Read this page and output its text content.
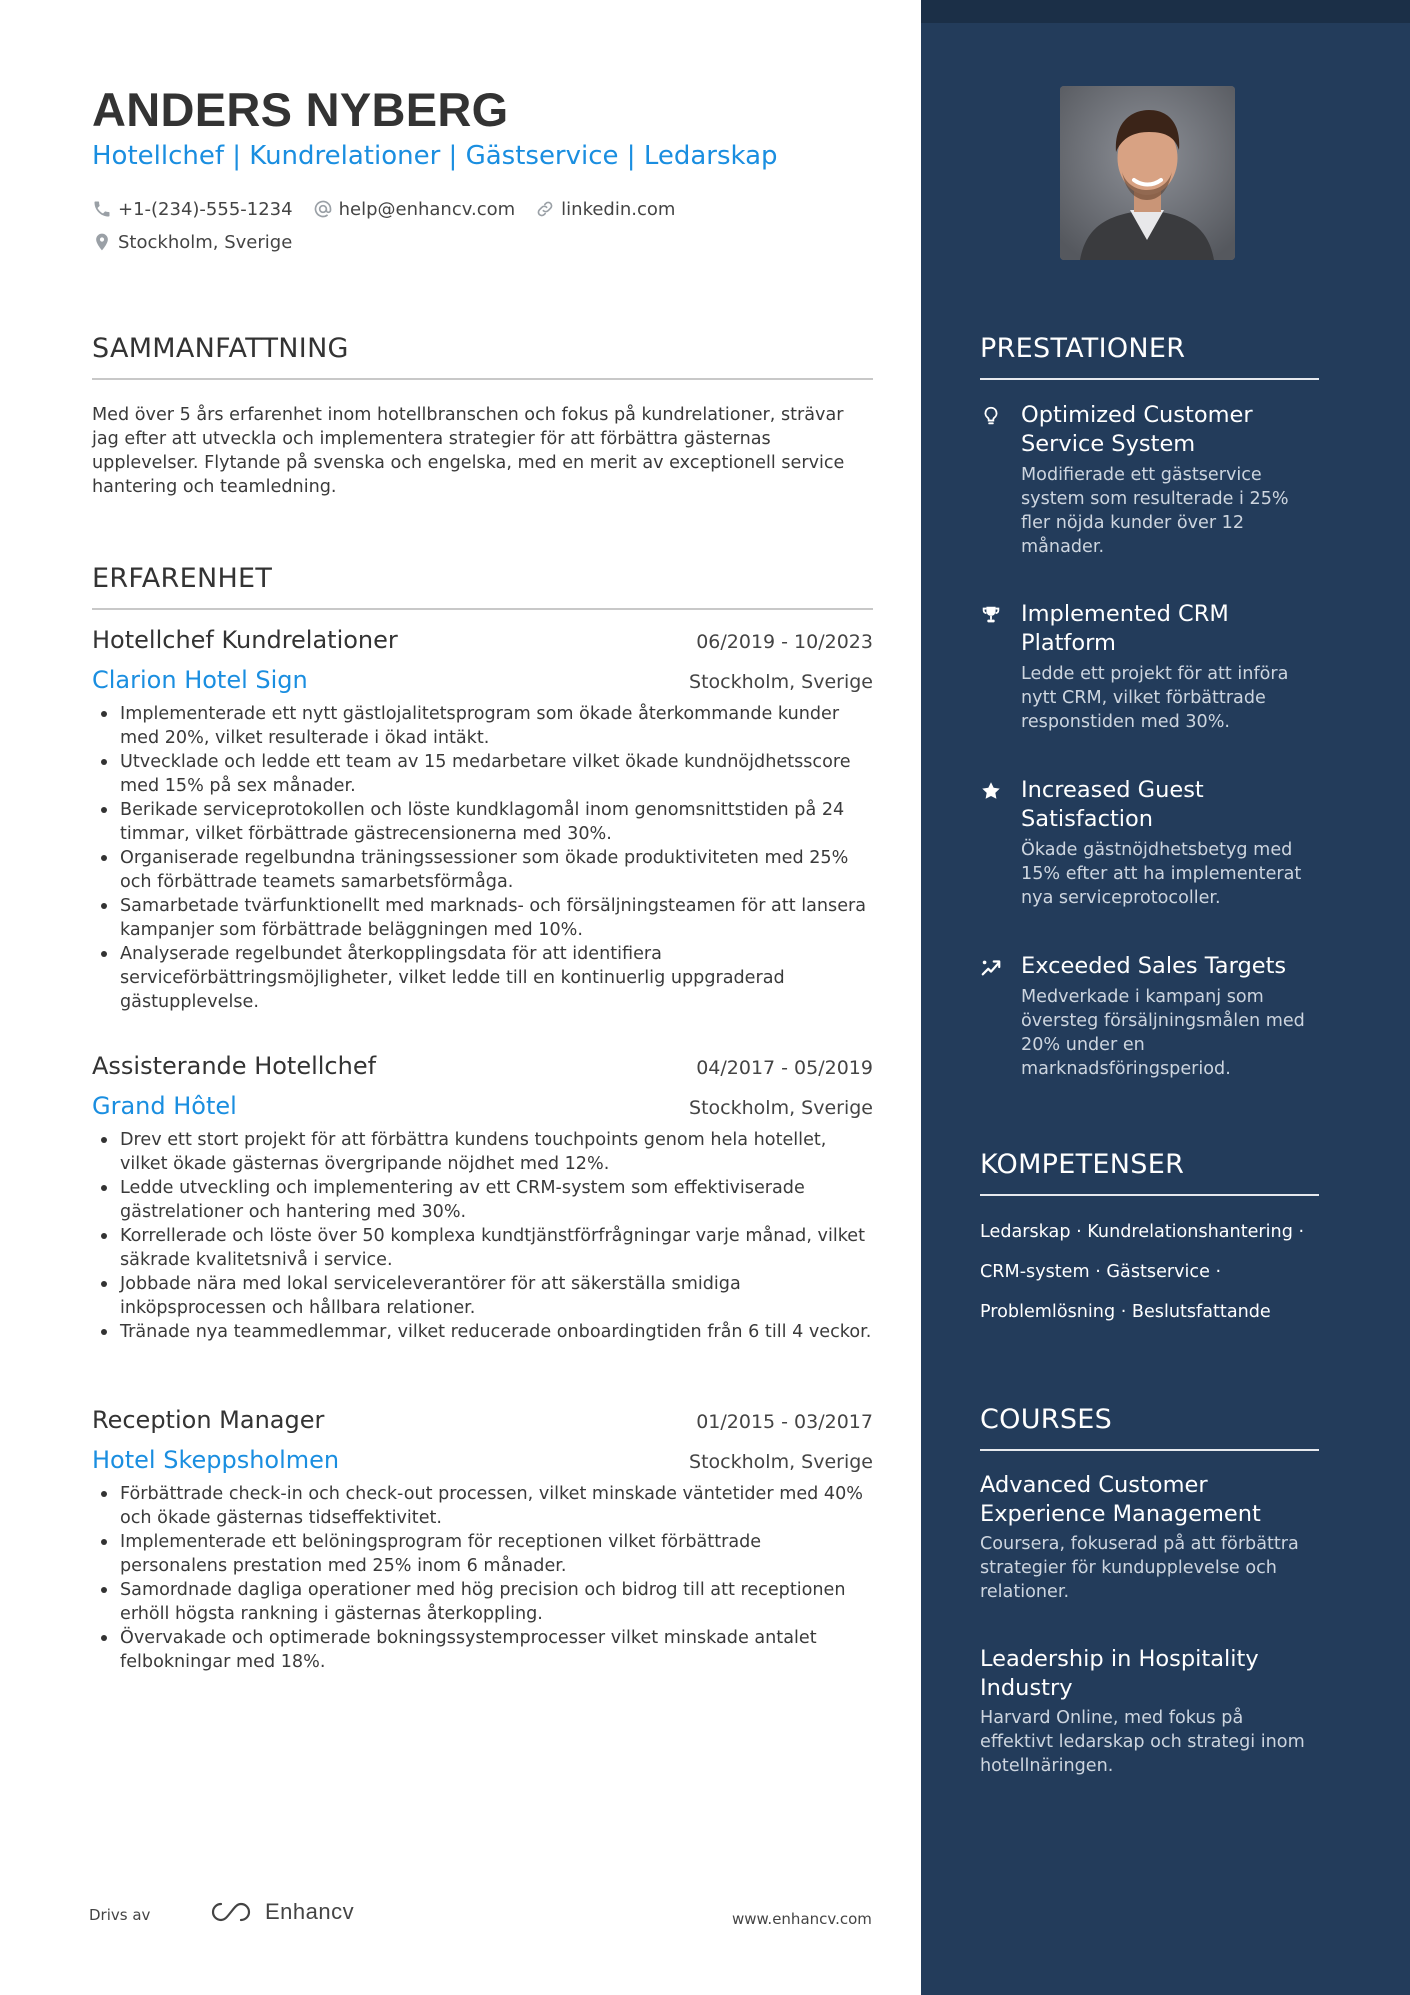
ANDERS NYBERG
Hotellchef | Kundrelationer | Gästservice | Ledarskap
+1-(234)-555-1234	help@enhancv.com	linkedin.com
Stockholm, Sverige
SAMMANFATTNING
Med över 5 års erfarenhet inom hotellbranschen och fokus på kundrelationer, strävar jag efter att utveckla och implementera strategier för att förbättra gästernas upplevelser. Flytande på svenska och engelska, med en merit av exceptionell service hantering och teamledning.
ERFARENHET
Hotellchef Kundrelationer	06/2019 - 10/2023
Clarion Hotel Sign	Stockholm, Sverige
Implementerade ett nytt gästlojalitetsprogram som ökade återkommande kunder med 20%, vilket resulterade i ökad intäkt.
Utvecklade och ledde ett team av 15 medarbetare vilket ökade kundnöjdhetsscore med 15% på sex månader.
Berikade serviceprotokollen och löste kundklagomål inom genomsnittstiden på 24 timmar, vilket förbättrade gästrecensionerna med 30%.
Organiserade regelbundna träningssessioner som ökade produktiviteten med 25% och förbättrade teamets samarbetsförmåga.
Samarbetade tvärfunktionellt med marknads- och försäljningsteamen för att lansera kampanjer som förbättrade beläggningen med 10%.
Analyserade regelbundet återkopplingsdata för att identifiera serviceförbättringsmöjligheter, vilket ledde till en kontinuerlig uppgraderad gästupplevelse.
Assisterande Hotellchef	04/2017 - 05/2019
Grand Hôtel	Stockholm, Sverige
Drev ett stort projekt för att förbättra kundens touchpoints genom hela hotellet, vilket ökade gästernas övergripande nöjdhet med 12%.
Ledde utveckling och implementering av ett CRM-system som effektiviserade gästrelationer och hantering med 30%.
Korrellerade och löste över 50 komplexa kundtjänstförfrågningar varje månad, vilket säkrade kvalitetsnivå i service.
Jobbade nära med lokal serviceleverantörer för att säkerställa smidiga inköpsprocessen och hållbara relationer.
Tränade nya teammedlemmar, vilket reducerade onboardingtiden från 6 till 4 veckor.
Reception Manager	01/2015 - 03/2017
Hotel Skeppsholmen	Stockholm, Sverige
Förbättrade check-in och check-out processen, vilket minskade väntetider med 40% och ökade gästernas tidseffektivitet.
Implementerade ett belöningsprogram för receptionen vilket förbättrade personalens prestation med 25% inom 6 månader.
Samordnade dagliga operationer med hög precision och bidrog till att receptionen erhöll högsta rankning i gästernas återkoppling.
Övervakade och optimerade bokningssystemprocesser vilket minskade antalet felbokningar med 18%.
Drivs av	Enhancv	www.enhancv.com
PRESTATIONER
Optimized Customer Service System
Modifierade ett gästservice system som resulterade i 25% fler nöjda kunder över 12 månader.
Implemented CRM Platform
Ledde ett projekt för att införa nytt CRM, vilket förbättrade responstiden med 30%.
Increased Guest Satisfaction
Ökade gästnöjdhetsbetyg med 15% efter att ha implementerat nya serviceprotocoller.
Exceeded Sales Targets
Medverkade i kampanj som översteg försäljningsmålen med 20% under en marknadsföringsperiod.
KOMPETENSER
Ledarskap · Kundrelationshantering ·
CRM-system · Gästservice ·
Problemlösning · Beslutsfattande
COURSES
Advanced Customer Experience Management
Coursera, fokuserad på att förbättra strategier för kundupplevelse och relationer.
Leadership in Hospitality Industry
Harvard Online, med fokus på effektivt ledarskap och strategi inom hotellnäringen.
